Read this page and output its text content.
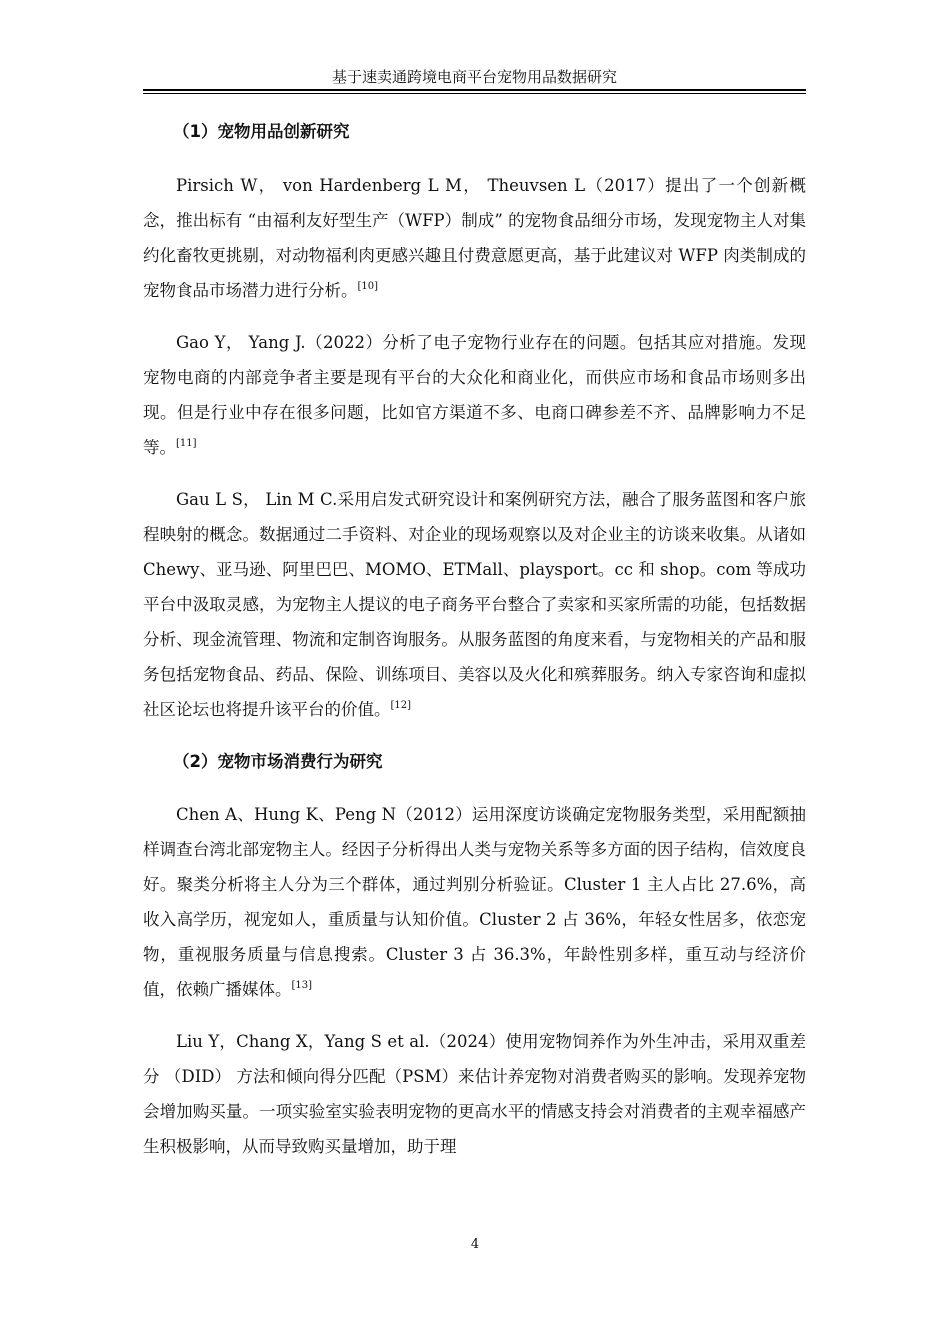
基于速卖通跨境电商平台宠物用品数据研究
（1）宠物用品创新研究

Pirsich W， von Hardenberg L M， Theuvsen L（2017）提出了一个创新概念，推出标有 “由福利友好型生产（WFP）制成” 的宠物食品细分市场，发现宠物主人对集约化畜牧更挑剔，对动物福利肉更感兴趣且付费意愿更高，基于此建议对 WFP 肉类制成的宠物食品市场潜力进行分析。[10]

Gao Y， Yang J.（2022）分析了电子宠物行业存在的问题。包括其应对措施。发现宠物电商的内部竞争者主要是现有平台的大众化和商业化，而供应市场和食品市场则多出现。但是行业中存在很多问题，比如官方渠道不多、电商口碑参差不齐、品牌影响力不足等。[11]

Gau L S， Lin M C.采用启发式研究设计和案例研究方法，融合了服务蓝图和客户旅程映射的概念。数据通过二手资料、对企业的现场观察以及对企业主的访谈来收集。从诸如 Chewy、亚马逊、阿里巴巴、MOMO、ETMall、playsport。cc 和 shop。com 等成功平台中汲取灵感，为宠物主人提议的电子商务平台整合了卖家和买家所需的功能，包括数据分析、现金流管理、物流和定制咨询服务。从服务蓝图的角度来看，与宠物相关的产品和服务包括宠物食品、药品、保险、训练项目、美容以及火化和殡葬服务。纳入专家咨询和虚拟社区论坛也将提升该平台的价值。[12]

（2）宠物市场消费行为研究

Chen A、Hung K、Peng N（2012）运用深度访谈确定宠物服务类型，采用配额抽样调查台湾北部宠物主人。经因子分析得出人类与宠物关系等多方面的因子结构，信效度良好。聚类分析将主人分为三个群体，通过判别分析验证。Cluster 1 主人占比 27.6%，高收入高学历，视宠如人，重质量与认知价值。Cluster 2 占 36%，年轻女性居多，依恋宠物，重视服务质量与信息搜索。Cluster 3 占 36.3%，年龄性别多样，重互动与经济价值，依赖广播媒体。[13]

Liu Y，Chang X，Yang S et al.（2024）使用宠物饲养作为外生冲击，采用双重差分 （DID） 方法和倾向得分匹配（PSM）来估计养宠物对消费者购买的影响。发现养宠物会增加购买量。一项实验室实验表明宠物的更高水平的情感支持会对消费者的主观幸福感产生积极影响，从而导致购买量增加，助于理

4
